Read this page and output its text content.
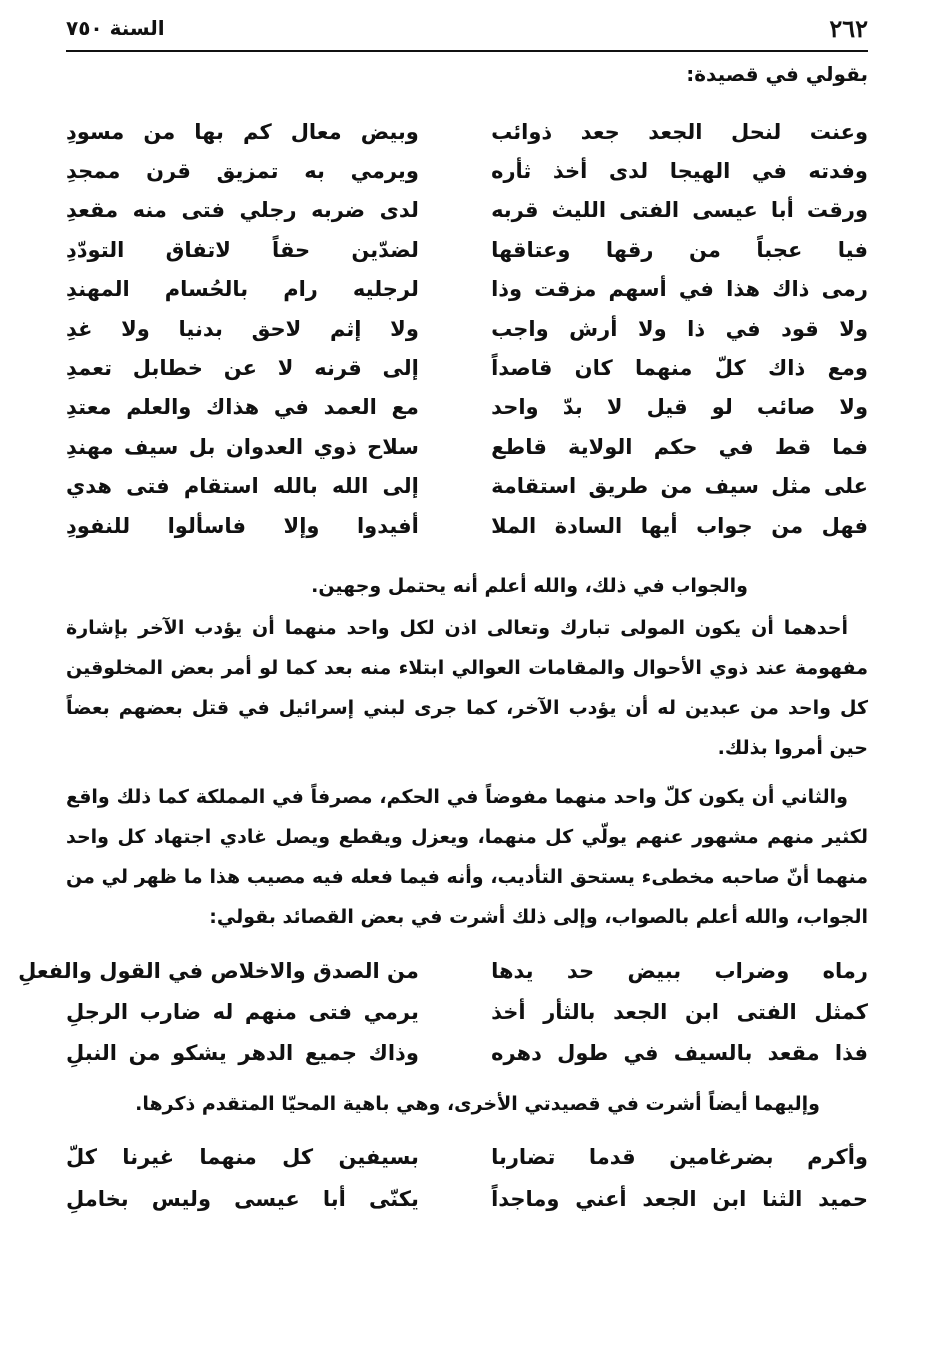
٢٦٢
السنة ٧٥٠
بقولي في قصيدة:
وعنت لنحل الجعد جعد ذوائب
وبيض معال كم بها من مسودِ
وفدته في الهيجا لدى أخذ ثأره
ويرمي به تمزيق قرن ممجدِ
ورقت أبا عيسى الفتى الليث قربه
لدى ضربه رجلي فتى منه مقعدِ
فيا عجباً من رقها وعتاقها
لضدّين حقاً لاتفاق التودّدِ
رمى ذاك هذا في أسهم مزقت وذا
لرجليه رام بالحُسام المهندِ
ولا قود في ذا ولا أرش واجب
ولا إثم لاحق بدنيا ولا غدِ
ومع ذاك كلّ منهما كان قاصداً
إلى قرنه لا عن خطابل تعمدِ
ولا صائب لو قيل لا بدّ واحد
مع العمد في هذاك والعلم معتدِ
فما قط في حكم الولاية قاطع
سلاح ذوي العدوان بل سيف مهندِ
على مثل سيف من طريق استقامة
إلى الله بالله استقام فتى هدي
فهل من جواب أيها السادة الملا
أفيدوا وإلا فاسألوا للنفودِ

والجواب في ذلك، والله أعلم أنه يحتمل وجهين.

أحدهما أن يكون المولى تبارك وتعالى اذن لكل واحد منهما أن يؤدب الآخر بإشارة مفهومة عند ذوي الأحوال والمقامات العوالي ابتلاء منه بعد كما لو أمر بعض المخلوقين كل واحد من عبدين له أن يؤدب الآخر، كما جرى لبني إسرائيل في قتل بعضهم بعضاً حين أمروا بذلك.

والثاني أن يكون كلّ واحد منهما مفوضاً في الحكم، مصرفاً في المملكة كما ذلك واقع لكثير منهم مشهور عنهم يولّي كل منهما، ويعزل ويقطع ويصل غادي اجتهاد كل واحد منهما أنّ صاحبه مخطىء يستحق التأديب، وأنه فيما فعله فيه مصيب هذا ما ظهر لي من الجواب، والله أعلم بالصواب، وإلى ذلك أشرت في بعض القصائد بقولي:

رماه وضراب ببيض حد يدها
من الصدق والاخلاص في القول والفعلِ
كمثل الفتى ابن الجعد بالثأر أخذ
يرمي فتى منهم له ضارب الرجلِ
فذا مقعد بالسيف في طول دهره
وذاك جميع الدهر يشكو من النبلِ

وإليهما أيضاً أشرت في قصيدتي الأخرى، وهي باهية المحيّا المتقدم ذكرها.

وأكرم بضرغامين قدما تضاربا
بسيفين كل منهما غيرنا كلّ
حميد الثنا ابن الجعد أعني وماجداً
يكنّى أبا عيسى وليس بخاملِ
